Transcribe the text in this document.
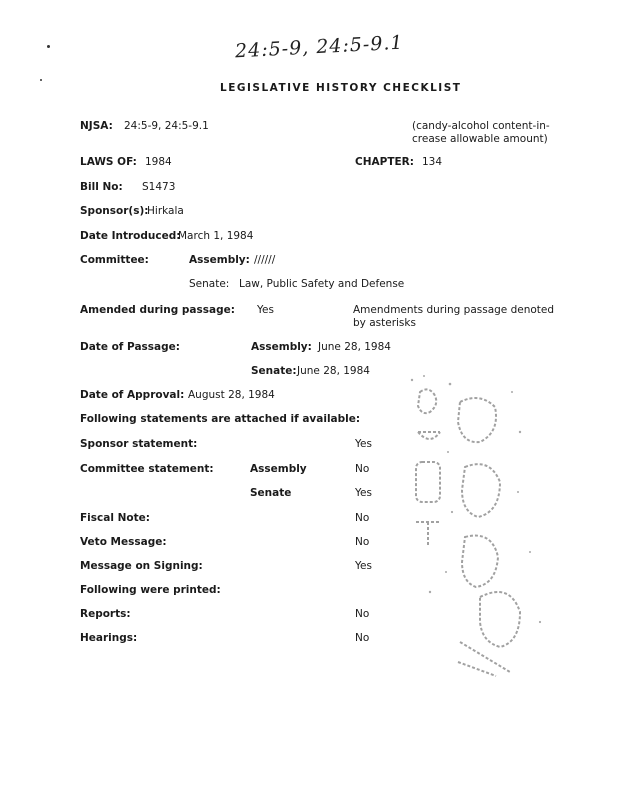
24:5-9, 24:5-9.1
LEGISLATIVE HISTORY CHECKLIST
NJSA: 24:5-9, 24:5-9.1	(candy-alcohol content-in-
crease allowable amount)
LAWS OF: 1984	CHAPTER: 134
Bill No: S1473
Sponsor(s):
Hirkala
Date Introduced:
March 1, 1984
Committee:	Assembly: //////
Senate: Law, Public Safety and Defense
Amended during passage: Yes	Amendments during passage denoted
by asterisks
Date of Passage:	Assembly: June 28, 1984
Senate: June 28, 1984
Date of Approval: August 28, 1984
Following statements are attached if available:
Sponsor statement:	Yes
Committee statement:	Assembly	No
Senate	Yes
Fiscal Note:	No
Veto Message:	No
Message on Signing:	Yes
Following were printed:
Reports:	No
Hearings:	No
